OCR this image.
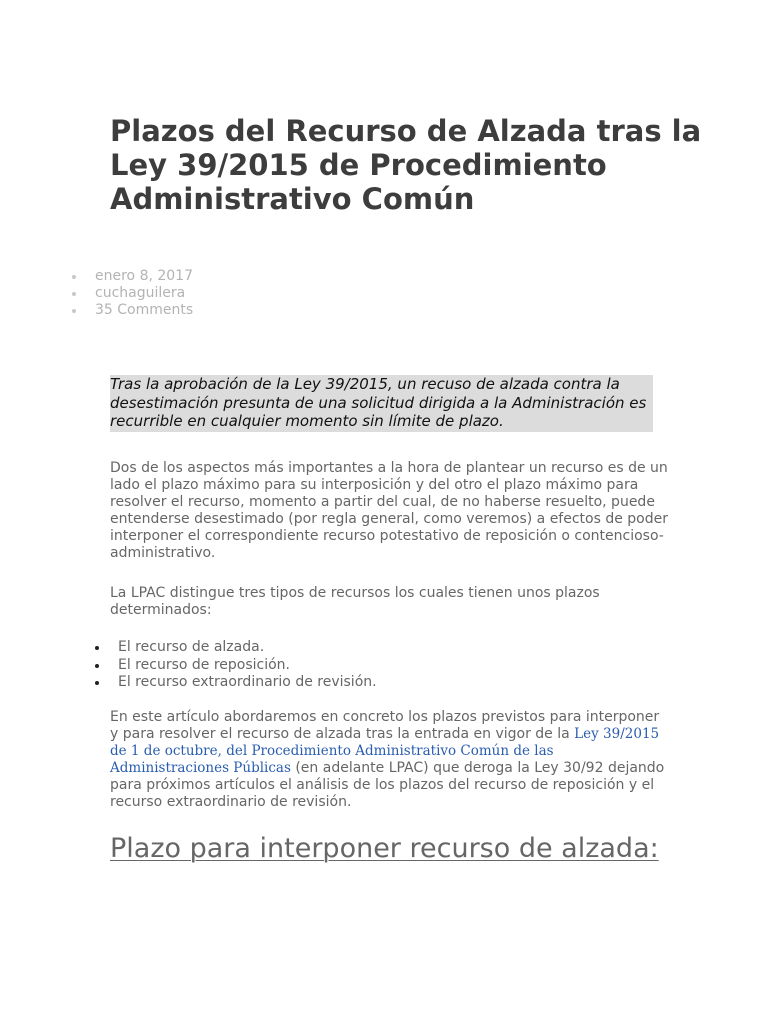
Plazos del Recurso de Alzada tras la Ley 39/2015 de Procedimiento Administrativo Común
enero 8, 2017
cuchaguilera
35 Comments
Tras la aprobación de la Ley 39/2015, un recuso de alzada contra la desestimación presunta de una solicitud dirigida a la Administración es recurrible en cualquier momento sin límite de plazo.

Dos de los aspectos más importantes a la hora de plantear un recurso es de un lado el plazo máximo para su interposición y del otro el plazo máximo para resolver el recurso, momento a partir del cual, de no haberse resuelto, puede entenderse desestimado (por regla general, como veremos) a efectos de poder interponer el correspondiente recurso potestativo de reposición o contencioso-administrativo.

La LPAC distingue tres tipos de recursos los cuales tienen unos plazos determinados:

El recurso de alzada.
El recurso de reposición.
El recurso extraordinario de revisión.

En este artículo abordaremos en concreto los plazos previstos para interponer y para resolver el recurso de alzada tras la entrada en vigor de la Ley 39/2015 de 1 de octubre, del Procedimiento Administrativo Común de las Administraciones Públicas (en adelante LPAC) que deroga la Ley 30/92 dejando para próximos artículos el análisis de los plazos del recurso de reposición y el recurso extraordinario de revisión.

Plazo para interponer recurso de alzada:
